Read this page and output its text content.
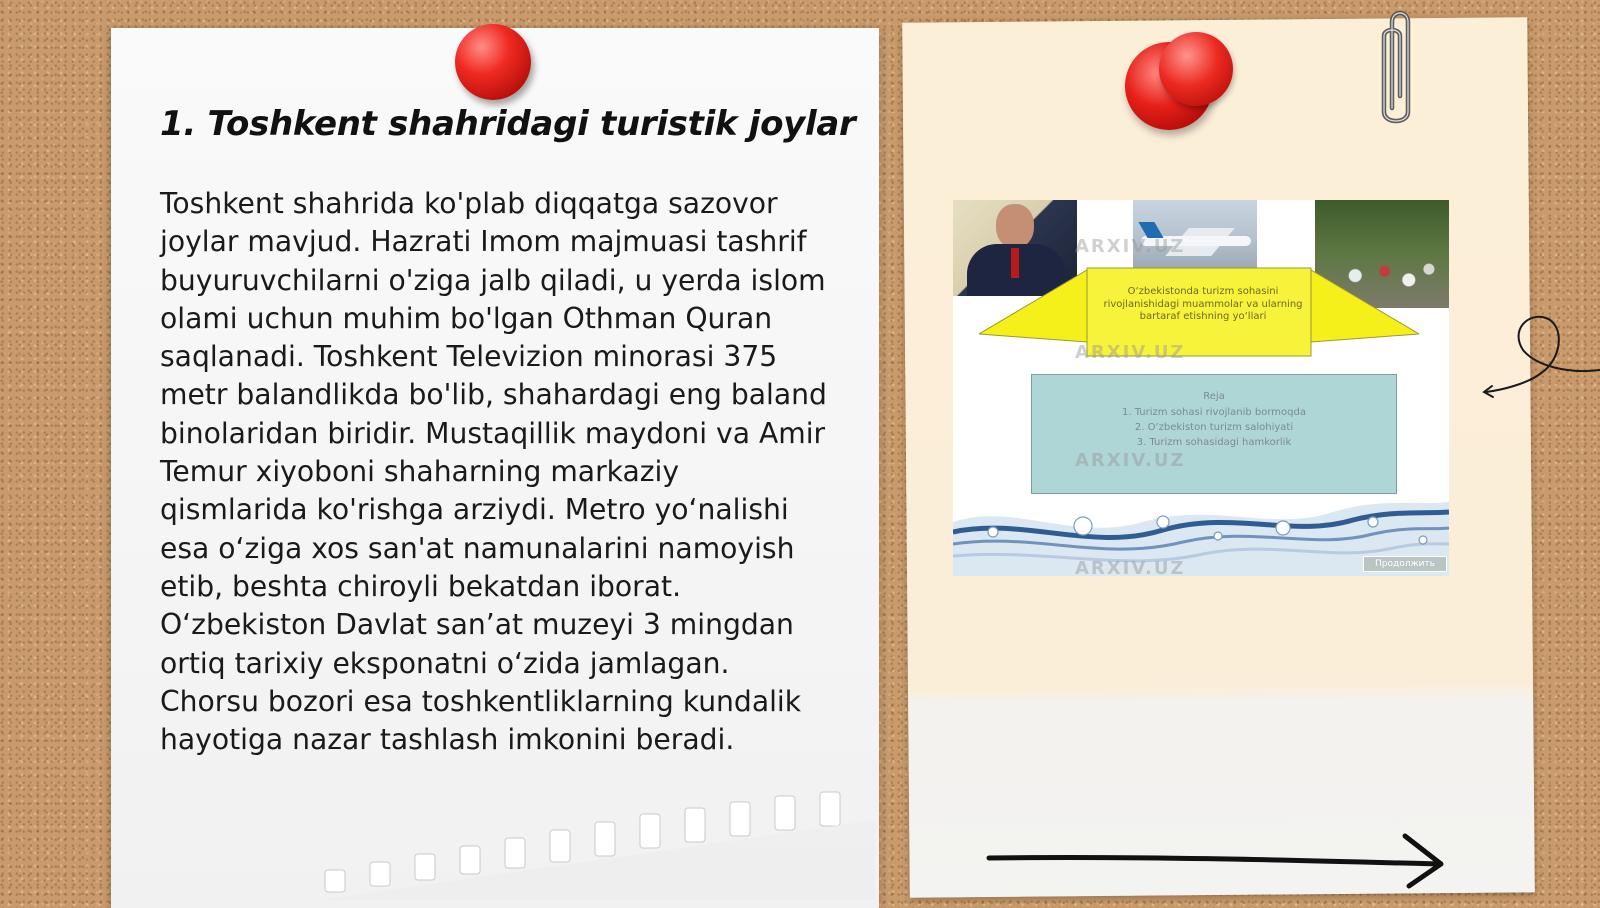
O‘zbekistonda turizm sohasini rivojlanishidagi muammolar va ularning bartaraf etishning yo‘llari

Reja
1. Turizm sohasi rivojlanib bormoqda
2. O‘zbekiston turizm salohiyati
3. Turizm sohasidagi hamkorlik
ARXIV.UZ
ARXIV.UZ
ARXIV.UZ
ARXIV.UZ	Продолжить
1. Toshkent shahridagi turistik joylar

Toshkent shahrida ko'plab diqqatga sazovor joylar mavjud. Hazrati Imom majmuasi tashrif buyuruvchilarni o'ziga jalb qiladi, u yerda islom olami uchun muhim bo'lgan Othman Quran saqlanadi. Toshkent Televizion minorasi 375 metr balandlikda bo'lib, shahardagi eng baland binolaridan biridir. Mustaqillik maydoni va Amir Temur xiyoboni shaharning markaziy qismlarida ko'rishga arziydi. Metro yo‘nalishi esa o‘ziga xos san'at namunalarini namoyish etib, beshta chiroyli bekatdan iborat. O‘zbekiston Davlat san’at muzeyi 3 mingdan ortiq tarixiy eksponatni o‘zida jamlagan. Chorsu bozori esa toshkentliklarning kundalik hayotiga nazar tashlash imkonini beradi.
